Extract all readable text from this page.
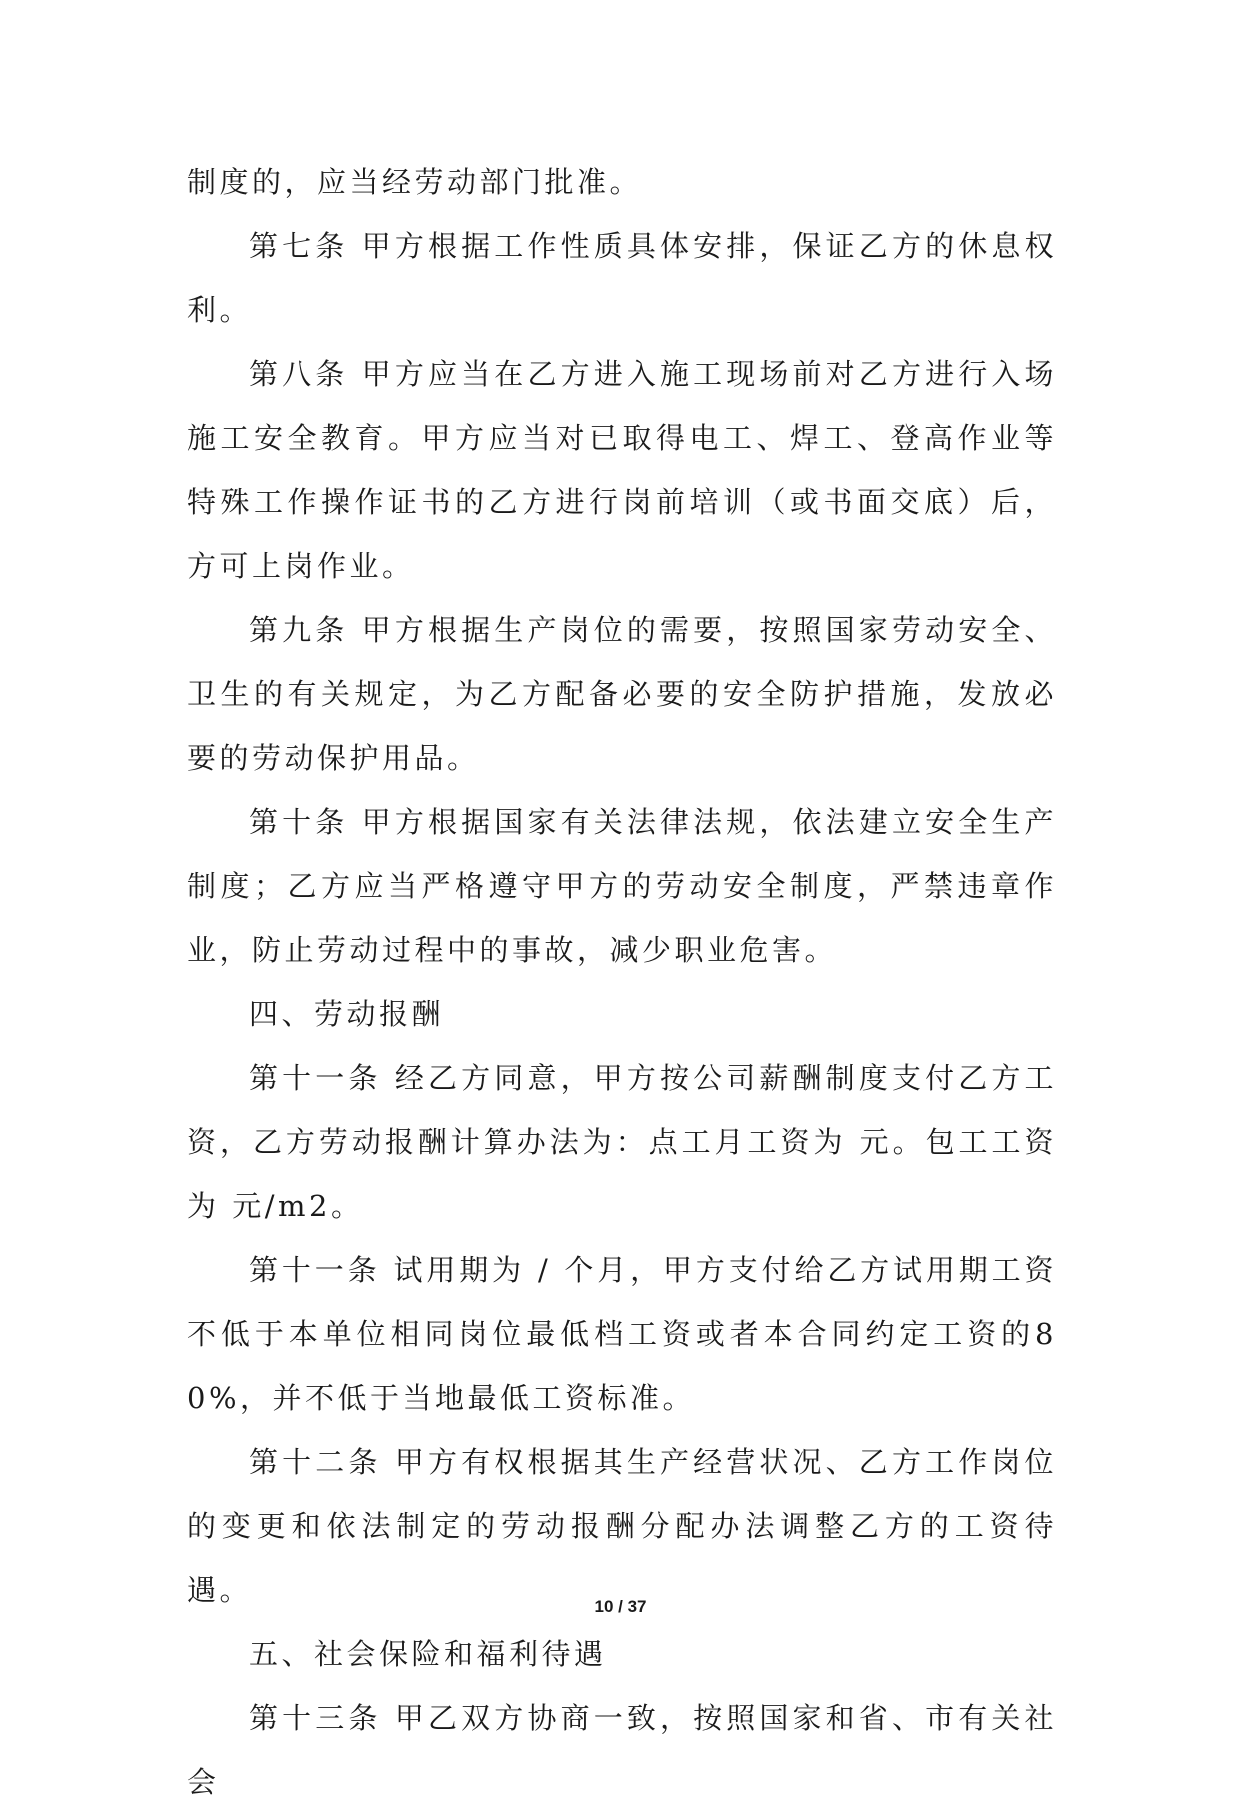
制度的，应当经劳动部门批准。

第七条 甲方根据工作性质具体安排，保证乙方的休息权利。

第八条 甲方应当在乙方进入施工现场前对乙方进行入场施工安全教育。甲方应当对已取得电工、焊工、登高作业等特殊工作操作证书的乙方进行岗前培训（或书面交底）后，方可上岗作业。

第九条 甲方根据生产岗位的需要，按照国家劳动安全、卫生的有关规定，为乙方配备必要的安全防护措施，发放必要的劳动保护用品。

第十条 甲方根据国家有关法律法规，依法建立安全生产制度；乙方应当严格遵守甲方的劳动安全制度，严禁违章作业，防止劳动过程中的事故，减少职业危害。

四、劳动报酬

第十一条 经乙方同意，甲方按公司薪酬制度支付乙方工资，乙方劳动报酬计算办法为：点工月工资为 元。包工工资为 元/m2。

第十一条 试用期为 / 个月，甲方支付给乙方试用期工资不低于本单位相同岗位最低档工资或者本合同约定工资的80%，并不低于当地最低工资标准。

第十二条 甲方有权根据其生产经营状况、乙方工作岗位的变更和依法制定的劳动报酬分配办法调整乙方的工资待遇。

五、社会保险和福利待遇

第十三条 甲乙双方协商一致，按照国家和省、市有关社会

10 / 37
